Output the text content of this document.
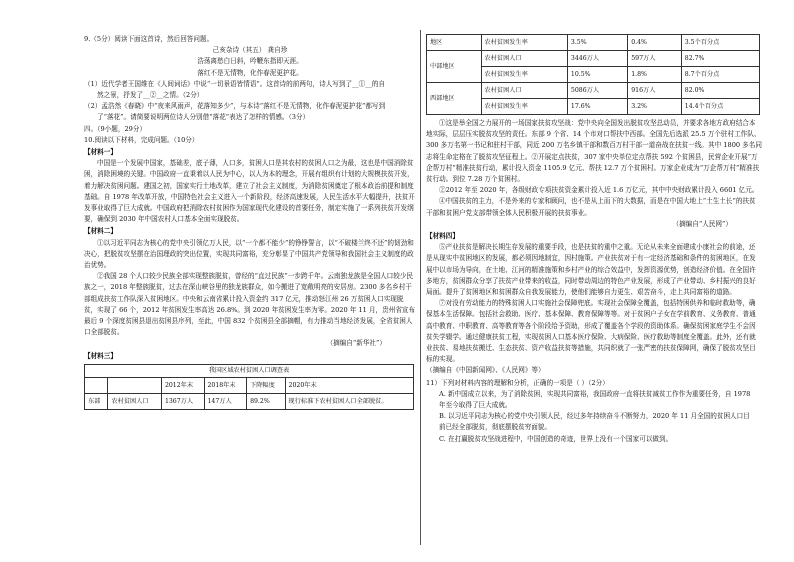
9.（5分）阅读下面这首诗，然后回答问题。

己亥杂诗（其五） 龚自珍

浩荡离愁白日斜，吟鞭东指即天涯。

落红不是无情物，化作春泥更护花。

（1）近代学者王国维在《人间词话》中说“一切景语皆情语”。这首诗的前两句，诗人写到了__①__的自

然之景，抒发了__②__之情。（2分）

（2）孟浩然《春晓》中“夜来风雨声，花落知多少”，与本诗“落红不是无情物，化作春泥更护花”都写到

了“落花”。请简要说明两位诗人分别借“落花”表达了怎样的情感。（3分）

四。（9小题，29分）

10.阅读以下材料，完成问题。（10分）

【材料一】

中国是一个发展中国家，基础差，底子薄，人口多，贫困人口是其农村的贫困人口之为最，这也是中国消除贫困，消除困境的关键。中国政府一直秉着以人民为中心，以人为本的理念，开展有组织有计划的大规模扶贫开发，着力解决贫困问题。建国之初，国家实行土地改革，建立了社会主义制度，为消除贫困奠定了根本政治前提和制度基础。自 1978 年改革开放，中国特色社会主义进入一个新阶段，经济高速发展，人民生活水平大幅提升，扶贫开发事业取得了巨大成就。中国政府把消除农村贫困作为国家现代化建设的首要任务，制定实施了一系列扶贫开发纲要，确保到 2030 年中国农村人口基本全面实现脱贫。

【材料二】

①以习近平同志为核心的党中央引领亿万人民，以“一个都不能少”的铮铮誓言，以“不破楼兰终不还”的韧劲和决心，把脱贫攻坚摆在治国理政的突出位置，实现共同富裕，充分彰显了中国共产党领导和我国社会主义制度的政治优势。

②我国 28 个人口较少民族全部实现整族脱贫，曾经的“直过民族”一步跨千年。云南独龙族是全国人口较少民族之一，2018 年整族脱贫，过去在深山峡谷里的独龙族群众，如今搬进了宽敞明亮的安居房。2300 多名乡村干部组成扶贫工作队深入贫困地区。中央和云南省累计投入资金约 317 亿元，推动怒江州 26 万贫困人口实现脱贫，实现了 66 个，2012 年贫困发生率高达 26.8%。到 2020 年贫困发生率为零。2020 年 11 月，贵州省宣布最后 9 个深度贫困县退出贫困县序列，至此，中国 832 个贫困县全部摘帽，有力推动当地经济发展，全省贫困人口全部脱贫。

（摘编自“新华社”）

【材料三】

我国区域农村贫困人口调查表					
		2012年末	2018年末	下降幅度	2020年末
东部	农村贫困人口	1367万人	147万人	89.2%	现行标准下农村贫困人口全部脱贫。
地区	农村贫困发生率	3.5%	0.4%	3.5个百分点
中部地区	农村贫困人口	3446万人	597万人	82.7%
	农村贫困发生率	10.5%	1.8%	8.7个百分点
西部地区	农村贫困人口	5086万人	916万人	82.0%
	农村贫困发生率	17.6%	3.2%	14.4个百分点

①这是举全国之力展开的一场国家扶贫攻坚战：党中央向全国发出脱贫攻坚总动员，并要求各地方政府结合本地实际，层层压实脱贫攻坚的责任。东部 9 个省、14 个市对口帮扶中西部。全国先后选派 25.5 万个驻村工作队、300 多万名第一书记和驻村干部，同近 200 万名乡镇干部和数百万村干部一道奋战在扶贫一线。其中 1800 多名同志将生命定格在了脱贫攻坚征程上。②开展定点扶贫，307 家中央单位定点帮扶 592 个贫困县，民营企业开展“万企帮万村”精准扶贫行动，累计投入资金 1105.9 亿元、帮扶 12.7 万个贫困村。万家企业成为“万企帮万村”精准扶贫行动。到位 7.28 万个贫困村。

②2012 年至 2020 年，各级财政专项扶贫资金累计投入近 1.6 万亿元，其中中央财政累计投入 6601 亿元。

④中国扶贫的主力，不是外来的专家和顾问，也不是从上而下的大数据，而是在中国大地上“土生土长”的扶贫干部和贫困户党支部带领全体人民积极开展的扶贫事业。

（摘编自“人民网”）

【材料四】

⑤产业扶贫是解决长期生存发展的重要手段，也是扶贫的重中之重。无论从未来全面建成小康社会的前途，还是从现实中贫困地区的发展，都必须因地制宜，因村施策。产业扶贫对于有一定经济基础和条件的贫困地区，在发展中以市场为导向，在土地、江河的精准施策和乡村产业的综合效益中，发挥资源优势，创造经济价值。在全国许多地方，贫困群众分享了扶贫产业带来的收益，同时带动周边的特色产业发展，形成了产业带动、乡村振兴的良好局面。提升了贫困地区和贫困群众自我发展能力，使他们能够自力更生、艰苦奋斗，走上共同富裕的道路。

⑦对没有劳动能力的特殊贫困人口实施社会保障兜底。实现社会保障全覆盖，包括特困供养和临时救助等，确保基本生活保障。包括社会救助、医疗、基本保障、教育保障等等。对于贫困户子女在学前教育、义务教育、普通高中教育、中职教育、高等教育等各个阶段给予资助，形成了覆盖各个学段的资助体系。确保贫困家庭学生不会因贫失学辍学。通过健康扶贫工程，实现贫困人口基本医疗保险、大病保险、医疗救助等制度全覆盖。此外，还有就业扶贫、易地扶贫搬迁、生态扶贫、资产收益扶贫等措施，共同织就了一张严密的扶贫保障网，确保了脱贫攻坚目标的实现。

（摘编自《中国新闻网》、《人民网》等）

11）下列对材料内容的理解和分析，正确的一项是（ ）（2分）

A. 新中国成立以来，为了消除贫困，实现共同富裕，我国政府一直将扶贫减贫工作作为重要任务，自 1978

年至今取得了巨大成就。

B. 以习近平同志为核心的党中央引领人民，经过多年持续奋斗不断努力，2020 年 11 月全国的贫困人口目

前已经全部脱贫，彻底摆脱贫穷面貌。

C. 在打赢脱贫攻坚战进程中，中国创造的奇迹，世界上没有一个国家可以做到。
